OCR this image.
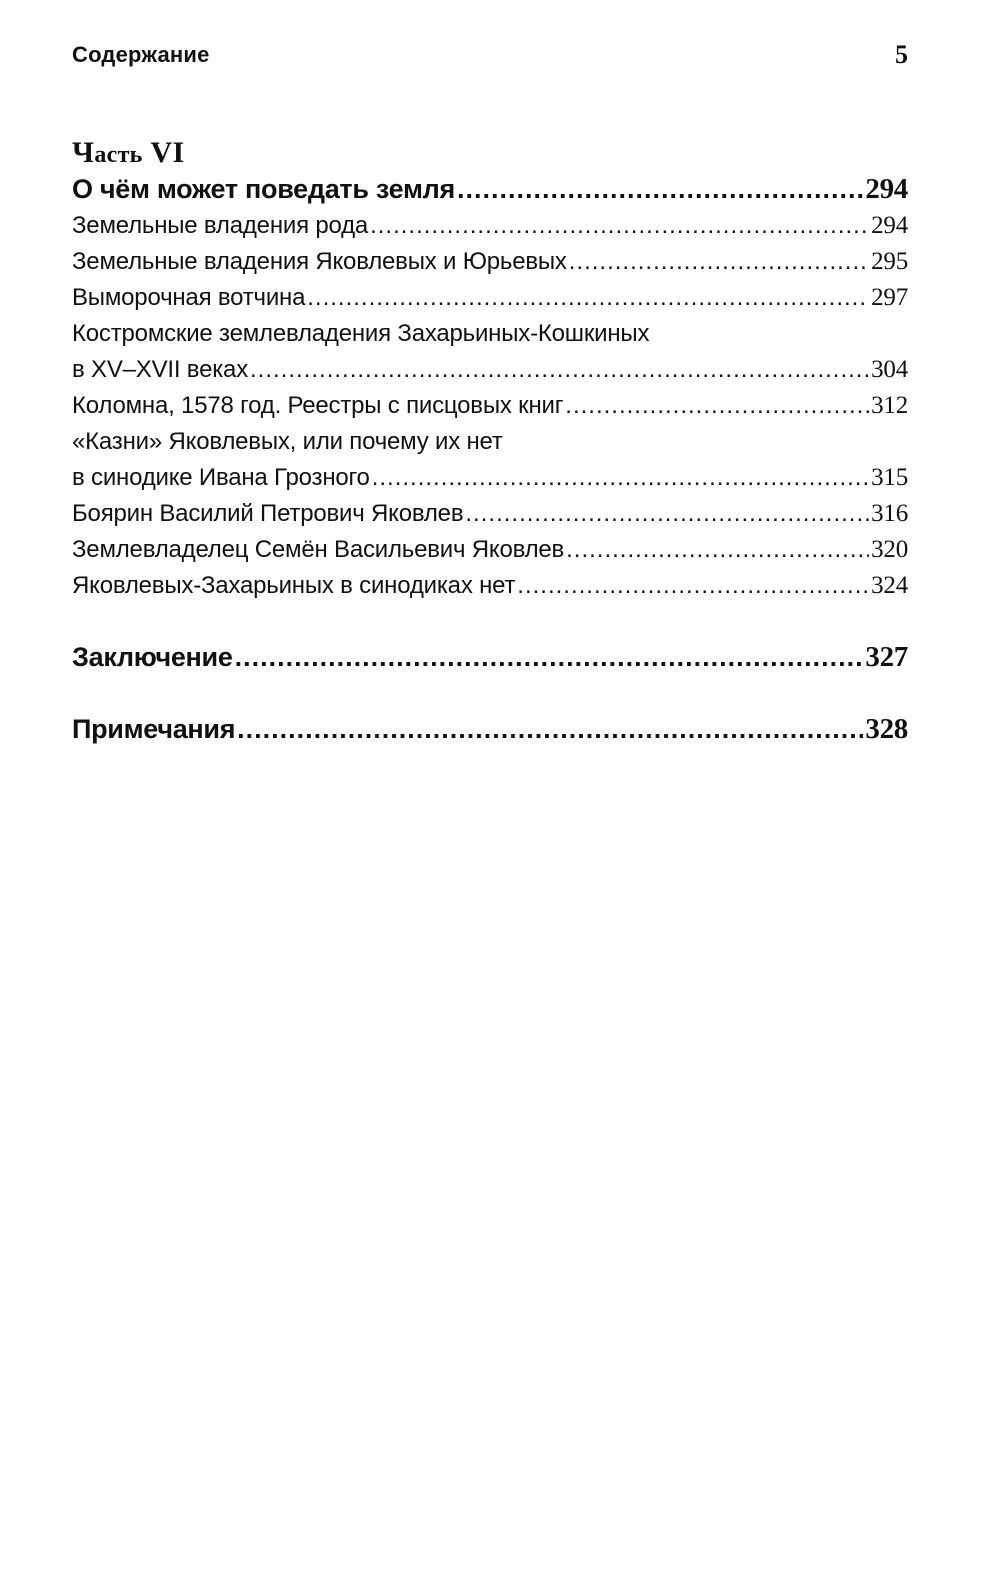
Содержание	5
Часть VI
О чём может поведать земля .....	294
Земельные владения рода .....	294
Земельные владения Яковлевых и Юрьевых .....	295
Выморочная вотчина .....	297
Костромские землевладения Захарьиных-Кошкиных
в XV–XVII веках .....	304
Коломна, 1578 год. Реестры с писцовых книг .....	312
«Казни» Яковлевых, или почему их нет
в синодике Ивана Грозного .....	315
Боярин Василий Петрович Яковлев .....	316
Землевладелец Семён Васильевич Яковлев .....	320
Яковлевых-Захарьиных в синодиках нет .....	324
Заключение .....	327
Примечания .....	328
